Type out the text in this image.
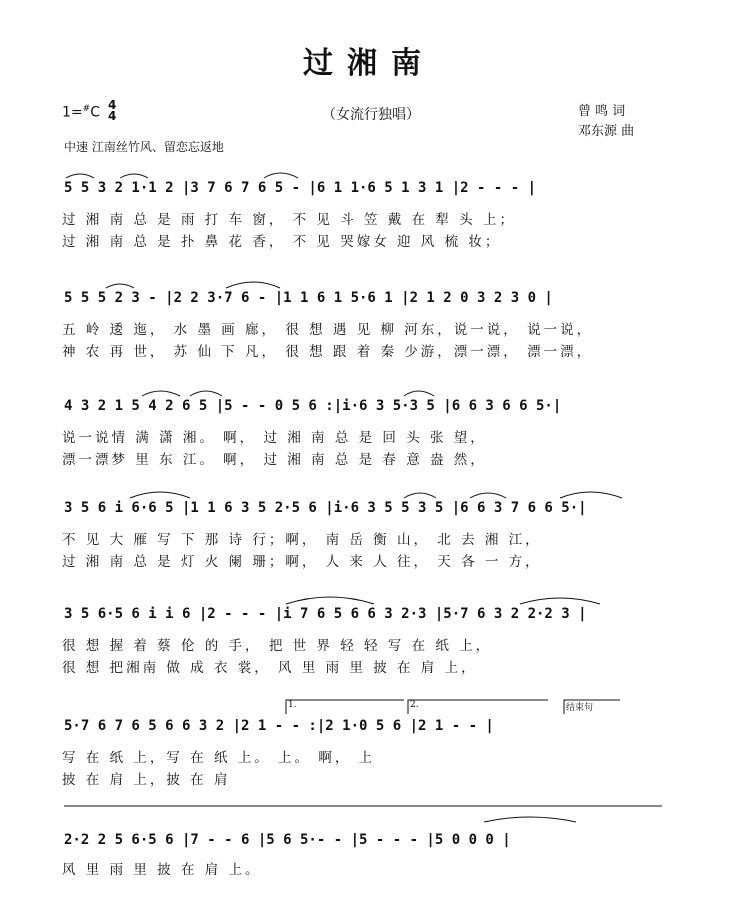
过湘南
1=#C 4
4	（女流行独唱）	曾 鸣 词
邓东源 曲
中速 江南丝竹风、留恋忘返地
5 5 3 2 1·1 2 |3 7 6 7 6 5 - |6 1 1·6 5 1 3 1 |2 - - - |
过 湘 南 总 是 雨 打 车 窗， 不 见 斗 笠 戴 在 犁 头 上；
过 湘 南 总 是 扑 鼻 花 香， 不 见 哭嫁女 迎 风 梳 妆；
5 5 5 2 3 - |2 2 3·7 6 - |1 1 6 1 5·6 1 |2 1 2 0 3 2 3 0 |
五 岭 逶 迤， 水 墨 画 廊， 很 想 遇 见 柳 河东，说一说， 说一说，
神 农 再 世， 苏 仙 下 凡， 很 想 跟 着 秦 少游，漂一漂， 漂一漂，
4 3 2 1 5 4 2 6 5 |5 - - 0 5 6 :|i·6 3 5·3 5 |6 6 3 6 6 5·|
说一说情 满 潇 湘。 啊， 过 湘 南 总 是 回 头 张 望，
漂一漂梦 里 东 江。 啊， 过 湘 南 总 是 春 意 盎 然，
3 5 6 i 6·6 5 |1 1 6 3 5 2·5 6 |i·6 3 5 5 3 5 |6 6 3 7 6 6 5·|
不 见 大 雁 写 下 那 诗 行；啊， 南 岳 衡 山， 北 去 湘 江，
过 湘 南 总 是 灯 火 阑 珊；啊， 人 来 人 往， 天 各 一 方，
3 5 6·5 6 i i 6 |2 - - - |i 7 6 5 6 6 3 2·3 |5·7 6 3 2 2·2 3 |
很 想 握 着 蔡 伦 的 手， 把 世 界 轻 轻 写 在 纸 上，
很 想 把湘南 做 成 衣 裳， 风 里 雨 里 披 在 肩 上，
1.	2.	结束句
5·7 6 7 6 5 6 6 3 2 |2 1 - - :|2 1·0 5 6 |2 1 - - |
写 在 纸 上，写 在 纸 上。 上。 啊， 上
披 在 肩 上，披 在 肩
2·2 2 5 6·5 6 |7 - - 6 |5 6 5·- - |5 - - - |5 0 0 0 |
风 里 雨 里 披 在 肩 上。
